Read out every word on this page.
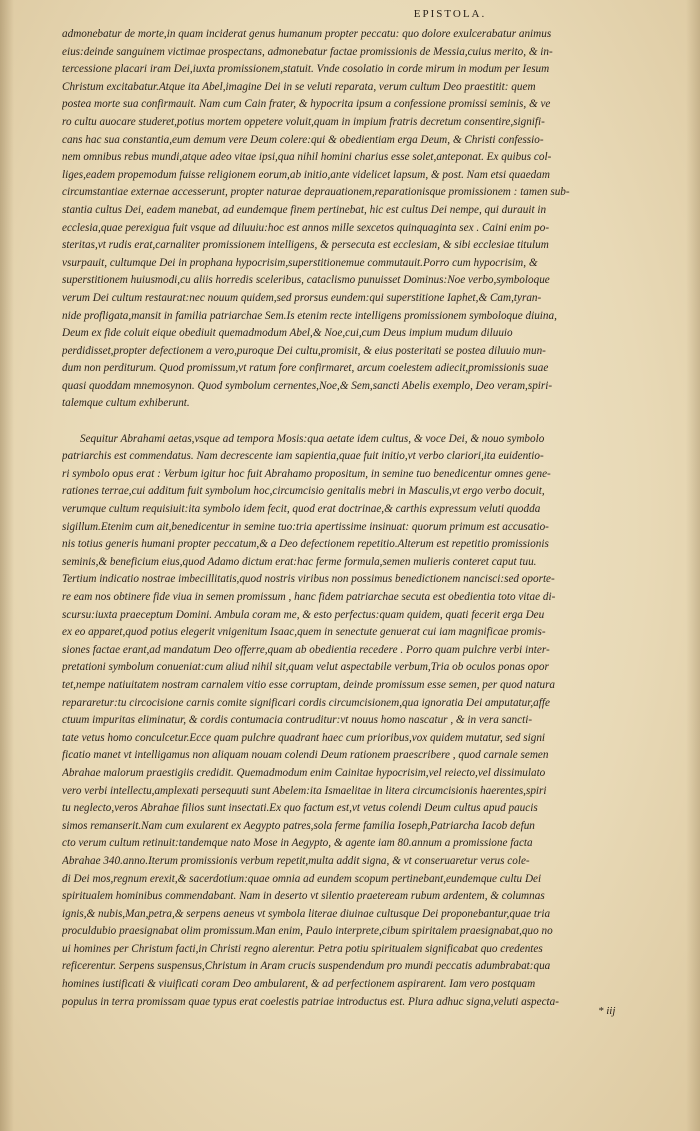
EPISTOLA.
admonebatur de morte,in quam inciderat genus humanum propter peccatu: quo dolore exulcerabatur animus
eius:deinde sanguinem victimae prospectans, admonebatur factae promissionis de Messia,cuius merito, & in-
tercessione placari iram Dei,iuxta promissionem,statuit. Vnde cosolatio in corde mirum in modum per Iesum
Christum excitabatur.Atque ita Abel,imagine Dei in se veluti reparata, verum cultum Deo praestitit: quem
postea morte sua confirmauit. Nam cum Cain frater, & hypocrita ipsum a confessione promissi seminis, & ve
ro cultu auocare studeret,potius mortem oppetere voluit,quam in impium fratris decretum consentire,signifi-
cans hac sua constantia,eum demum vere Deum colere:qui & obedientiam erga Deum, & Christi confessio-
nem omnibus rebus mundi,atque adeo vitae ipsi,qua nihil homini charius esse solet,anteponat. Ex quibus col-
liges,eadem propemodum fuisse religionem eorum,ab initio,ante videlicet lapsum, & post. Nam etsi quaedam
circumstantiae externae accesserunt, propter naturae deprauationem,reparationisque promissionem : tamen sub-
stantia cultus Dei, eadem manebat, ad eundemque finem pertinebat, hic est cultus Dei nempe, qui durauit in
ecclesia,quae perexigua fuit vsque ad diluuiu:hoc est annos mille sexcetos quinquaginta sex . Caini enim po-
steritas,vt rudis erat,carnaliter promissionem intelligens, & persecuta est ecclesiam, & sibi ecclesiae titulum
vsurpauit, cultumque Dei in prophana hypocrisim,superstitionemue commutauit.Porro cum hypocrisim, &
superstitionem huiusmodi,cu aliis horredis sceleribus, cataclismo punuisset Dominus:Noe verbo,symboloque
verum Dei cultum restaurat:nec nouum quidem,sed prorsus eundem:qui superstitione Iaphet,& Cam,tyran-
nide profligata,mansit in familia patriarchae Sem.Is etenim recte intelligens promissionem symboloque diuina,
Deum ex fide coluit eique obediuit quemadmodum Abel,& Noe,cui,cum Deus impium mudum diluuio
perdidisset,propter defectionem a vero,puroque Dei cultu,promisit, & eius posteritati se postea diluuio mun-
dum non perditurum. Quod promissum,vt ratum fore confirmaret, arcum coelestem adiecit,promissionis suae
quasi quoddam mnemosynon. Quod symbolum cernentes,Noe,& Sem,sancti Abelis exemplo, Deo veram,spiri-
talemque cultum exhiberunt.
Sequitur Abrahami aetas,vsque ad tempora Mosis:qua aetate idem cultus, & voce Dei, & nouo symbolo
patriarchis est commendatus. Nam decrescente iam sapientia,quae fuit initio,vt verbo clariori,ita euidentio-
ri symbolo opus erat : Verbum igitur hoc fuit Abrahamo propositum, in semine tuo benedicentur omnes gene-
rationes terrae,cui additum fuit symbolum hoc,circumcisio genitalis mebri in Masculis,vt ergo verbo docuit,
verumque cultum requisiuit:ita symbolo idem fecit, quod erat doctrinae,& carthis expressum veluti quodda
sigillum.Etenim cum ait,benedicentur in semine tuo:tria apertissime insinuat: quorum primum est accusatio-
nis totius generis humani propter peccatum,& a Deo defectionem repetitio.Alterum est repetitio promissionis
seminis,& beneficium eius,quod Adamo dictum erat:hac ferme formula,semen mulieris conteret caput tuu.
Tertium indicatio nostrae imbecillitatis,quod nostris viribus non possimus benedictionem nancisci:sed oporte-
re eam nos obtinere fide viua in semen promissum , hanc fidem patriarchae secuta est obedientia toto vitae di-
scursu:iuxta praeceptum Domini. Ambula coram me, & esto perfectus:quam quidem, quati fecerit erga Deu
ex eo apparet,quod potius elegerit vnigenitum Isaac,quem in senectute genuerat cui iam magnificae promis-
siones factae erant,ad mandatum Deo offerre,quam ab obedientia recedere . Porro quam pulchre verbi inter-
pretationi symbolum conueniat:cum aliud nihil sit,quam velut aspectabile verbum,Tria ob oculos ponas opor
tet,nempe natiuitatem nostram carnalem vitio esse corruptam, deinde promissum esse semen, per quod natura
repararetur:tu circocisione carnis comite significari cordis circumcisionem,qua ignoratia Dei amputatur,affe
ctuum impuritas eliminatur, & cordis contumacia contruditur:vt nouus homo nascatur , & in vera sancti-
tate vetus homo conculcetur.Ecce quam pulchre quadrant haec cum prioribus,vox quidem mutatur, sed signi
ficatio manet vt intelligamus non aliquam nouam colendi Deum rationem praescribere , quod carnale semen
Abrahae malorum praestigiis credidit. Quemadmodum enim Cainitae hypocrisim,vel reiecto,vel dissimulato
vero verbi intellectu,amplexati persequuti sunt Abelem:ita Ismaelitae in litera circumcisionis haerentes,spiri
tu neglecto,veros Abrahae filios sunt insectati.Ex quo factum est,vt vetus colendi Deum cultus apud paucis
simos remanserit.Nam cum exularent ex Aegypto patres,sola ferme familia Ioseph,Patriarcha Iacob defun
cto verum cultum retinuit:tandemque nato Mose in Aegypto, & agente iam 80.annum a promissione facta
Abrahae 340.anno.Iterum promissionis verbum repetit,multa addit signa, & vt conseruaretur verus cole-
di Dei mos,regnum erexit,& sacerdotium:quae omnia ad eundem scopum pertinebant,eundemque cultu Dei
spiritualem hominibus commendabant. Nam in deserto vt silentio praeteream rubum ardentem, & columnas
ignis,& nubis,Man,petra,& serpens aeneus vt symbola literae diuinae cultusque Dei proponebantur,quae tria
proculdubio praesignabat olim promissum.Man enim, Paulo interprete,cibum spiritalem praesignabat,quo no
ui homines per Christum facti,in Christi regno alerentur. Petra potiu spiritualem significabat quo credentes
reficerentur. Serpens suspensus,Christum in Aram crucis suspendendum pro mundi peccatis adumbrabat:qua
homines iustificati & viuificati coram Deo ambularent, & ad perfectionem aspirarent. Iam vero postquam
populus in terra promissam quae typus erat coelestis patriae introductus est. Plura adhuc signa,veluti aspecta-
* iij
